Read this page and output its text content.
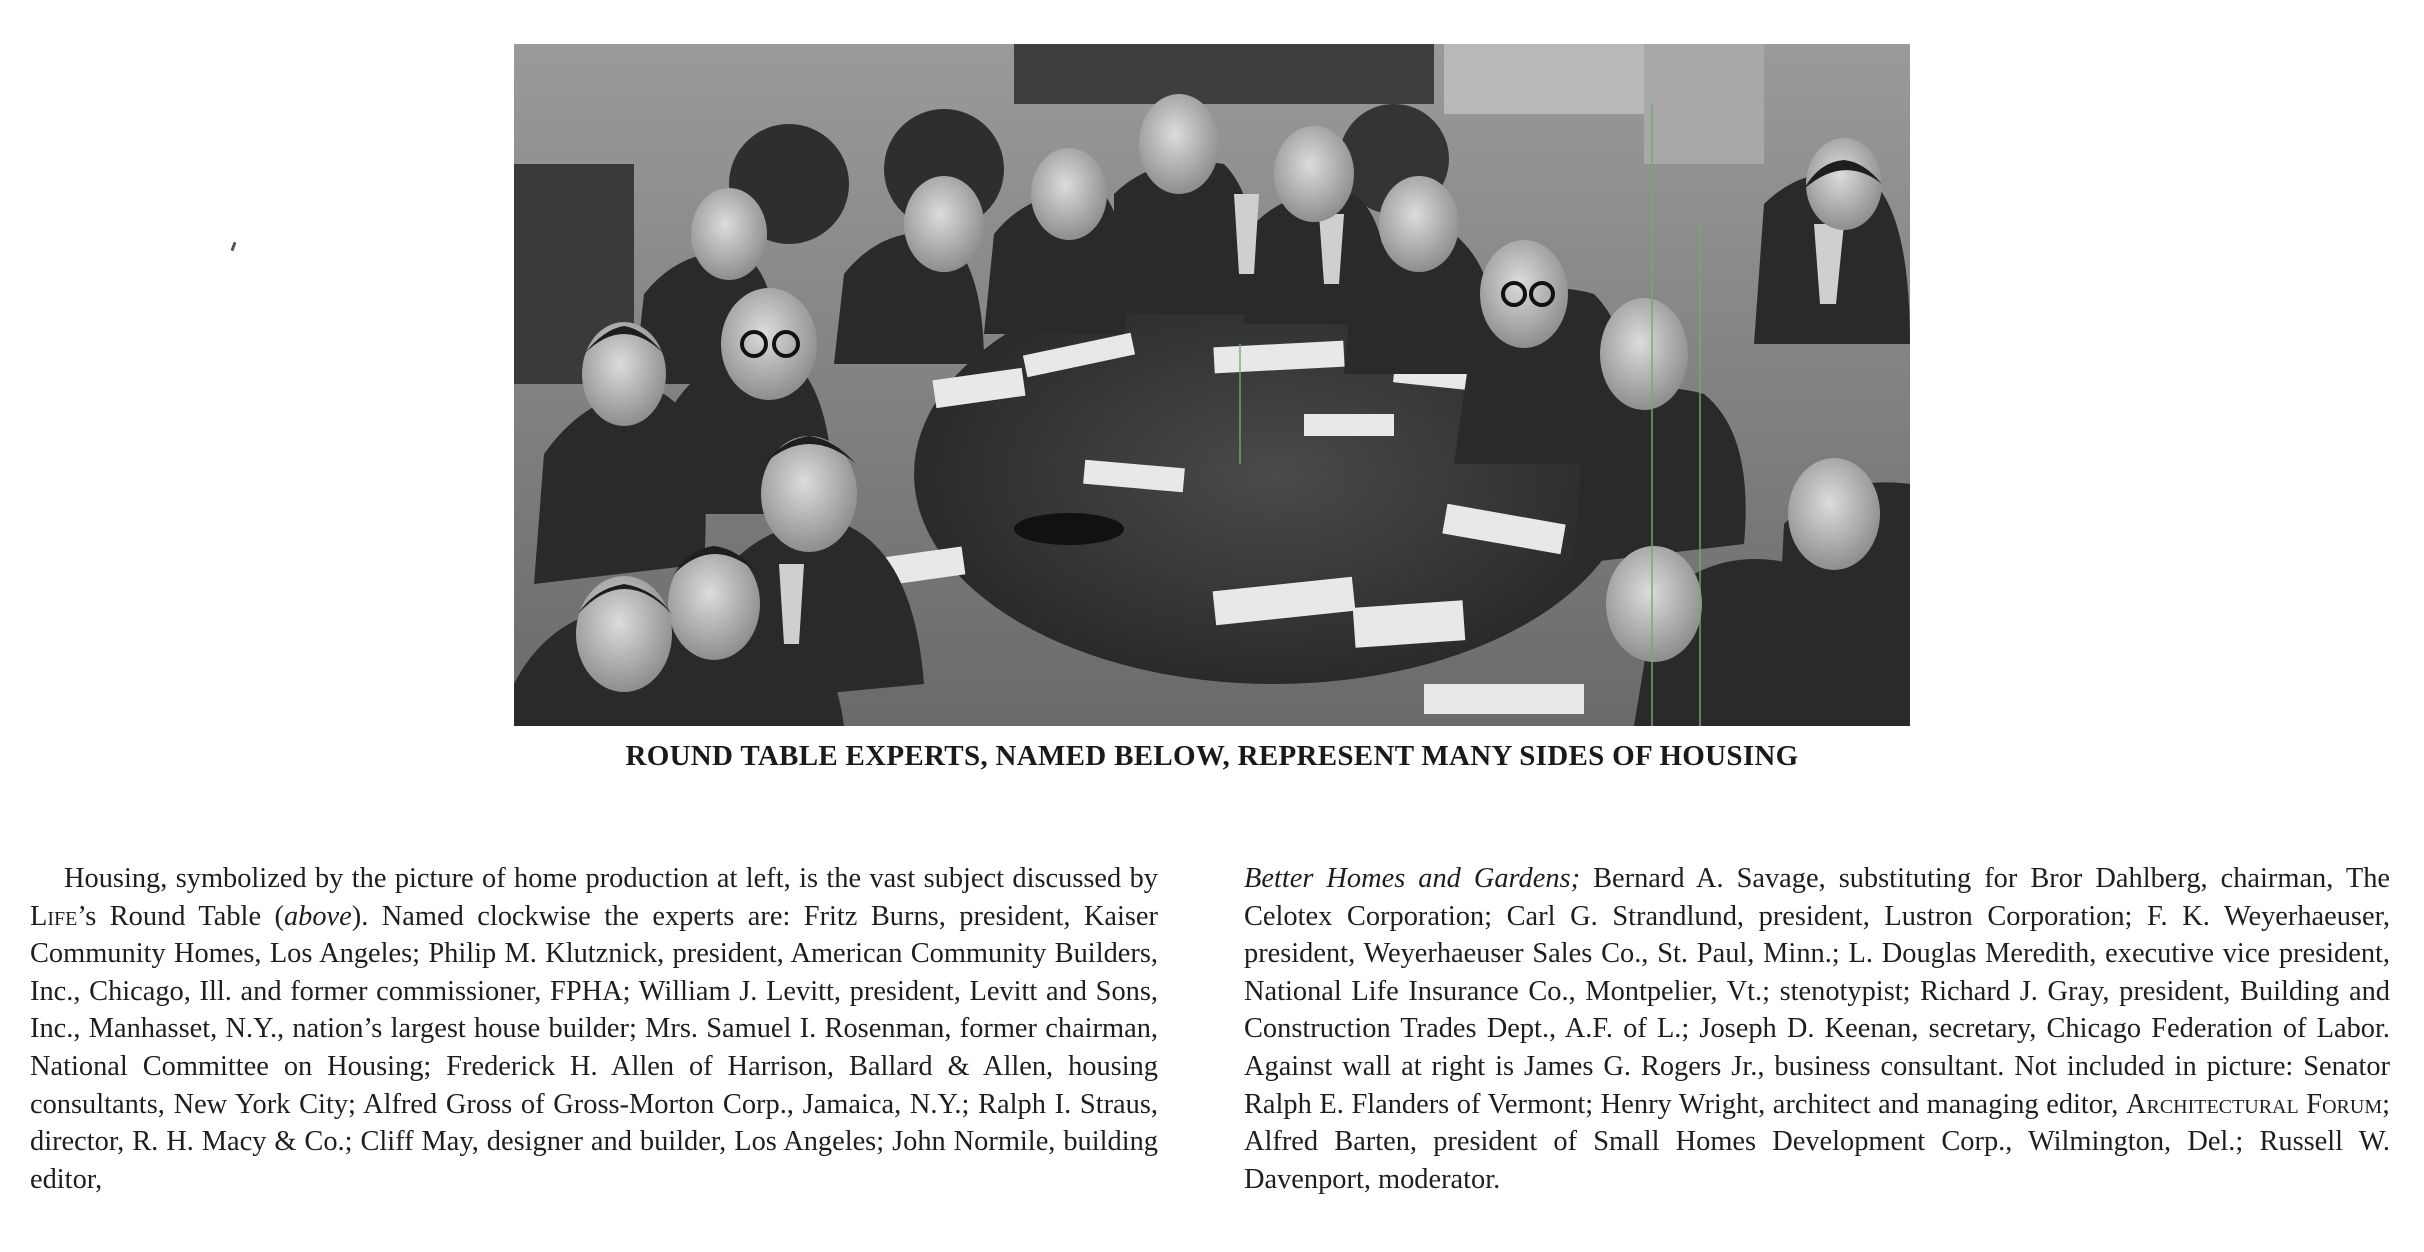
ROUND TABLE EXPERTS, NAMED BELOW, REPRESENT MANY SIDES OF HOUSING

Housing, symbolized by the picture of home production at left, is the vast subject discussed by Life’s Round Table (above). Named clockwise the experts are: Fritz Burns, president, Kaiser Community Homes, Los Angeles; Philip M. Klutznick, president, American Community Builders, Inc., Chicago, Ill. and former commissioner, FPHA; William J. Levitt, president, Levitt and Sons, Inc., Manhasset, N.Y., nation’s largest house builder; Mrs. Samuel I. Rosenman, former chairman, National Committee on Housing; Frederick H. Allen of Harrison, Ballard & Allen, housing consultants, New York City; Alfred Gross of Gross-Morton Corp., Jamaica, N.Y.; Ralph I. Straus, director, R. H. Macy & Co.; Cliff May, designer and builder, Los Angeles; John Normile, building editor,

Better Homes and Gardens; Bernard A. Savage, substituting for Bror Dahlberg, chairman, The Celotex Corporation; Carl G. Strandlund, president, Lustron Corporation; F. K. Weyerhaeuser, president, Weyerhaeuser Sales Co., St. Paul, Minn.; L. Douglas Meredith, executive vice president, National Life Insurance Co., Montpelier, Vt.; stenotypist; Richard J. Gray, president, Building and Construction Trades Dept., A.F. of L.; Joseph D. Keenan, secretary, Chicago Federation of Labor. Against wall at right is James G. Rogers Jr., business consultant. Not included in picture: Senator Ralph E. Flanders of Vermont; Henry Wright, architect and managing editor, Architectural Forum; Alfred Barten, president of Small Homes Development Corp., Wilmington, Del.; Russell W. Davenport, moderator.
